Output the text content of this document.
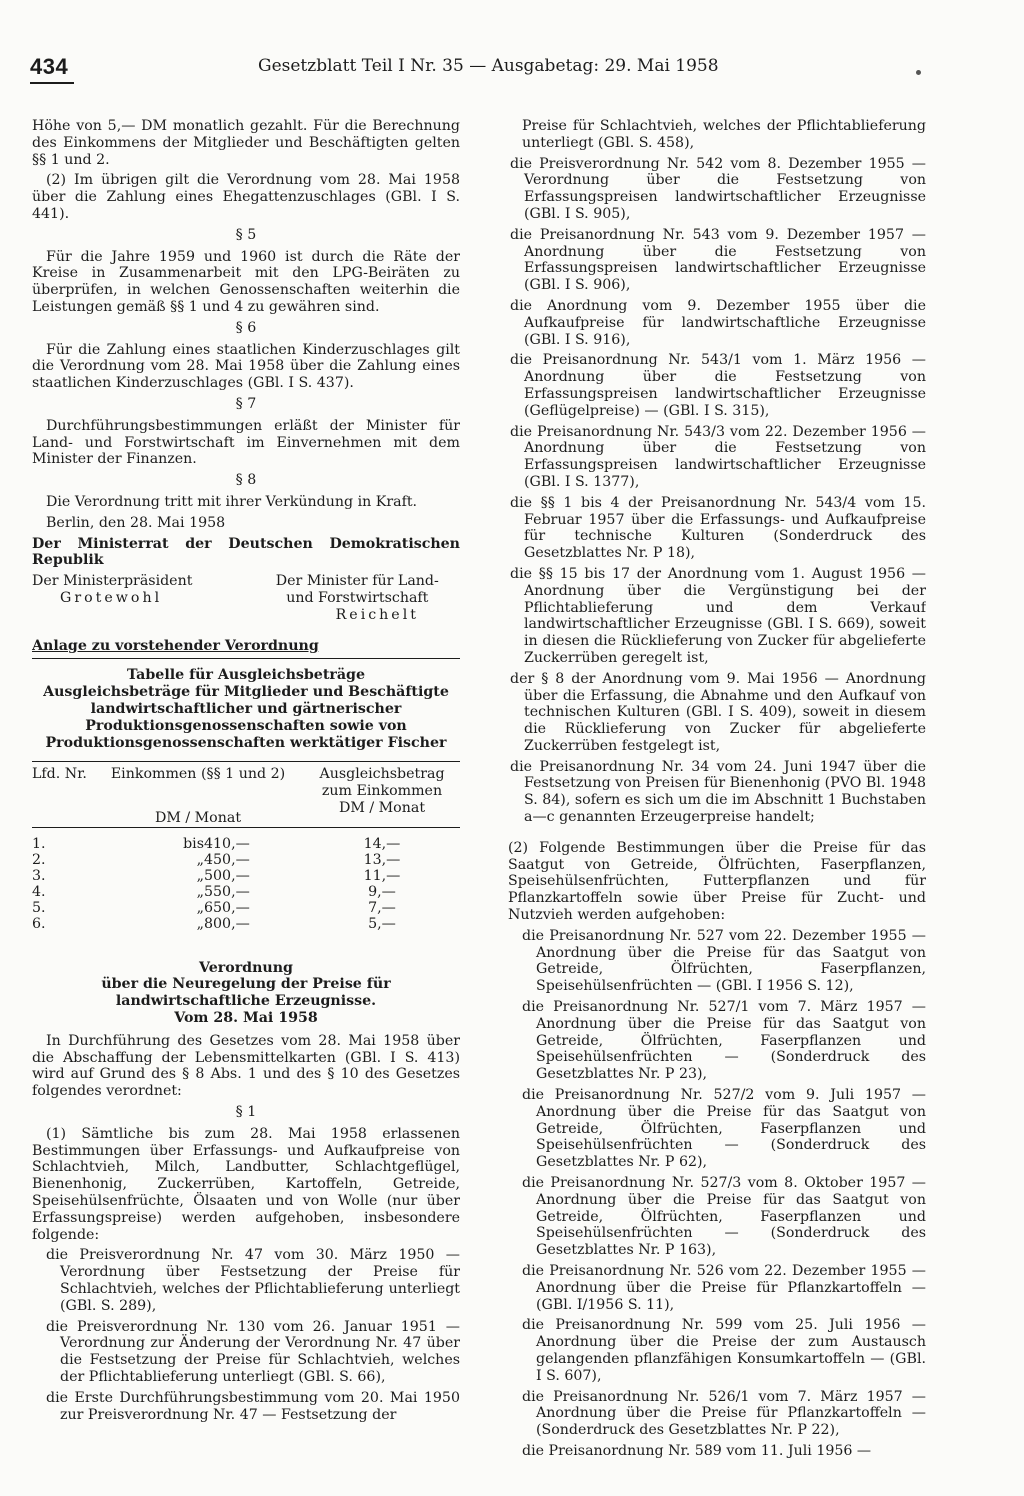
434	Gesetzblatt Teil I Nr. 35 — Ausgabetag: 29. Mai 1958

Höhe von 5,— DM monatlich gezahlt. Für die Berechnung des Einkommens der Mitglieder und Beschäftigten gelten §§ 1 und 2.

(2) Im übrigen gilt die Verordnung vom 28. Mai 1958 über die Zahlung eines Ehegattenzuschlages (GBl. I S. 441).

§ 5

Für die Jahre 1959 und 1960 ist durch die Räte der Kreise in Zusammenarbeit mit den LPG-Beiräten zu überprüfen, in welchen Genossenschaften weiterhin die Leistungen gemäß §§ 1 und 4 zu gewähren sind.

§ 6

Für die Zahlung eines staatlichen Kinderzuschlages gilt die Verordnung vom 28. Mai 1958 über die Zahlung eines staatlichen Kinderzuschlages (GBl. I S. 437).

§ 7

Durchführungsbestimmungen erläßt der Minister für Land- und Forstwirtschaft im Einvernehmen mit dem Minister der Finanzen.

§ 8

Die Verordnung tritt mit ihrer Verkündung in Kraft.

Berlin, den 28. Mai 1958

Der Ministerrat der Deutschen Demokratischen Republik

Der Ministerpräsident
Grotewohl
Der Minister für Land-
und Forstwirtschaft
Reichelt
Anlage zu vorstehender Verordnung
Tabelle für Ausgleichsbeträge
Ausgleichsbeträge für Mitglieder und Beschäftigte landwirtschaftlicher und gärtnerischer Produktionsgenossenschaften sowie von Produktionsgenossenschaften werktätiger Fischer
Lfd. Nr.	Einkommen (§§ 1 und 2)		Ausgleichsbetrag zum Einkommen
	DM / Monat		DM / Monat

1.	bis	410,—	14,—
2.	„	450,—	13,—
3.	„	500,—	11,—
4.	„	550,—	9,—
5.	„	650,—	7,—
6.	„	800,—	5,—
Verordnung
über die Neuregelung der Preise für landwirtschaftliche Erzeugnisse.
Vom 28. Mai 1958

In Durchführung des Gesetzes vom 28. Mai 1958 über die Abschaffung der Lebensmittelkarten (GBl. I S. 413) wird auf Grund des § 8 Abs. 1 und des § 10 des Gesetzes folgendes verordnet:

§ 1

(1) Sämtliche bis zum 28. Mai 1958 erlassenen Bestimmungen über Erfassungs- und Aufkaufpreise von Schlachtvieh, Milch, Landbutter, Schlachtgeflügel, Bienenhonig, Zuckerrüben, Kartoffeln, Getreide, Speisehülsenfrüchte, Ölsaaten und von Wolle (nur über Erfassungspreise) werden aufgehoben, insbesondere folgende:

die Preisverordnung Nr. 47 vom 30. März 1950 — Verordnung über Festsetzung der Preise für Schlachtvieh, welches der Pflichtablieferung unterliegt (GBl. S. 289),

die Preisverordnung Nr. 130 vom 26. Januar 1951 — Verordnung zur Änderung der Verordnung Nr. 47 über die Festsetzung der Preise für Schlachtvieh, welches der Pflichtablieferung unterliegt (GBl. S. 66),

die Erste Durchführungsbestimmung vom 20. Mai 1950 zur Preisverordnung Nr. 47 — Festsetzung der

Preise für Schlachtvieh, welches der Pflichtablieferung unterliegt (GBl. S. 458),

die Preisverordnung Nr. 542 vom 8. Dezember 1955 — Verordnung über die Festsetzung von Erfassungspreisen landwirtschaftlicher Erzeugnisse (GBl. I S. 905),

die Preisanordnung Nr. 543 vom 9. Dezember 1957 — Anordnung über die Festsetzung von Erfassungspreisen landwirtschaftlicher Erzeugnisse (GBl. I S. 906),

die Anordnung vom 9. Dezember 1955 über die Aufkaufpreise für landwirtschaftliche Erzeugnisse (GBl. I S. 916),

die Preisanordnung Nr. 543/1 vom 1. März 1956 — Anordnung über die Festsetzung von Erfassungspreisen landwirtschaftlicher Erzeugnisse (Geflügelpreise) — (GBl. I S. 315),

die Preisanordnung Nr. 543/3 vom 22. Dezember 1956 — Anordnung über die Festsetzung von Erfassungspreisen landwirtschaftlicher Erzeugnisse (GBl. I S. 1377),

die §§ 1 bis 4 der Preisanordnung Nr. 543/4 vom 15. Februar 1957 über die Erfassungs- und Aufkaufpreise für technische Kulturen (Sonderdruck des Gesetzblattes Nr. P 18),

die §§ 15 bis 17 der Anordnung vom 1. August 1956 — Anordnung über die Vergünstigung bei der Pflichtablieferung und dem Verkauf landwirtschaftlicher Erzeugnisse (GBl. I S. 669), soweit in diesen die Rücklieferung von Zucker für abgelieferte Zuckerrüben geregelt ist,

der § 8 der Anordnung vom 9. Mai 1956 — Anordnung über die Erfassung, die Abnahme und den Aufkauf von technischen Kulturen (GBl. I S. 409), soweit in diesem die Rücklieferung von Zucker für abgelieferte Zuckerrüben festgelegt ist,

die Preisanordnung Nr. 34 vom 24. Juni 1947 über die Festsetzung von Preisen für Bienenhonig (PVO Bl. 1948 S. 84), sofern es sich um die im Abschnitt 1 Buchstaben a—c genannten Erzeugerpreise handelt;

(2) Folgende Bestimmungen über die Preise für das Saatgut von Getreide, Ölfrüchten, Faserpflanzen, Speisehülsenfrüchten, Futterpflanzen und für Pflanzkartoffeln sowie über Preise für Zucht- und Nutzvieh werden aufgehoben:

die Preisanordnung Nr. 527 vom 22. Dezember 1955 — Anordnung über die Preise für das Saatgut von Getreide, Ölfrüchten, Faserpflanzen, Speisehülsenfrüchten — (GBl. I 1956 S. 12),

die Preisanordnung Nr. 527/1 vom 7. März 1957 — Anordnung über die Preise für das Saatgut von Getreide, Ölfrüchten, Faserpflanzen und Speisehülsenfrüchten — (Sonderdruck des Gesetzblattes Nr. P 23),

die Preisanordnung Nr. 527/2 vom 9. Juli 1957 — Anordnung über die Preise für das Saatgut von Getreide, Ölfrüchten, Faserpflanzen und Speisehülsenfrüchten — (Sonderdruck des Gesetzblattes Nr. P 62),

die Preisanordnung Nr. 527/3 vom 8. Oktober 1957 — Anordnung über die Preise für das Saatgut von Getreide, Ölfrüchten, Faserpflanzen und Speisehülsenfrüchten — (Sonderdruck des Gesetzblattes Nr. P 163),

die Preisanordnung Nr. 526 vom 22. Dezember 1955 — Anordnung über die Preise für Pflanzkartoffeln — (GBl. I/1956 S. 11),

die Preisanordnung Nr. 599 vom 25. Juli 1956 — Anordnung über die Preise der zum Austausch gelangenden pflanzfähigen Konsumkartoffeln — (GBl. I S. 607),

die Preisanordnung Nr. 526/1 vom 7. März 1957 — Anordnung über die Preise für Pflanzkartoffeln — (Sonderdruck des Gesetzblattes Nr. P 22),

die Preisanordnung Nr. 589 vom 11. Juli 1956 —
